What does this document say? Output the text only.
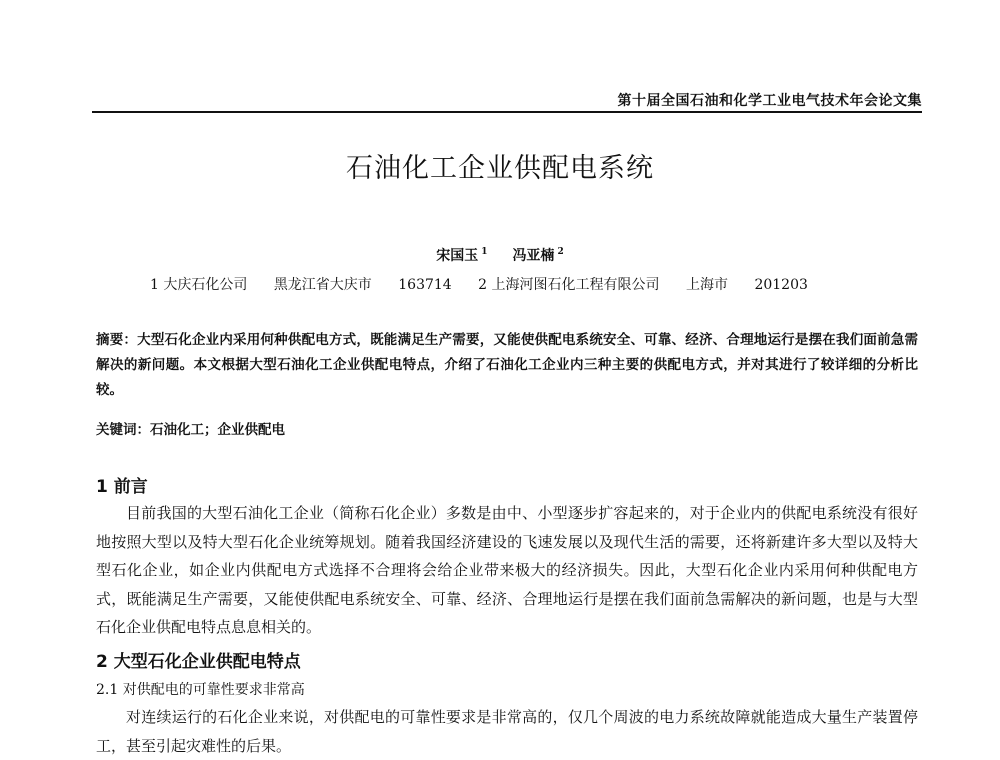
第十届全国石油和化学工业电气技术年会论文集
石油化工企业供配电系统
宋国玉 $^1$ 冯亚楠 $^2$
1 大庆石化公司 黑龙江省大庆市 163714 2 上海河图石化工程有限公司 上海市 201203
摘要：大型石化企业内采用何种供配电方式，既能满足生产需要，又能使供配电系统安全、可靠、经济、合理地运行是摆在我们面前急需解决的新问题。本文根据大型石油化工企业供配电特点，介绍了石油化工企业内三种主要的供配电方式，并对其进行了较详细的分析比较。
关键词：石油化工；企业供配电
1 前言
目前我国的大型石油化工企业（简称石化企业）多数是由中、小型逐步扩容起来的，对于企业内的供配电系统没有很好地按照大型以及特大型石化企业统筹规划。随着我国经济建设的飞速发展以及现代生活的需要，还将新建许多大型以及特大型石化企业，如企业内供配电方式选择不合理将会给企业带来极大的经济损失。因此，大型石化企业内采用何种供配电方式，既能满足生产需要，又能使供配电系统安全、可靠、经济、合理地运行是摆在我们面前急需解决的新问题，也是与大型石化企业供配电特点息息相关的。
2 大型石化企业供配电特点
2.1 对供配电的可靠性要求非常高
对连续运行的石化企业来说，对供配电的可靠性要求是非常高的，仅几个周波的电力系统故障就能造成大量生产装置停工，甚至引起灾难性的后果。
